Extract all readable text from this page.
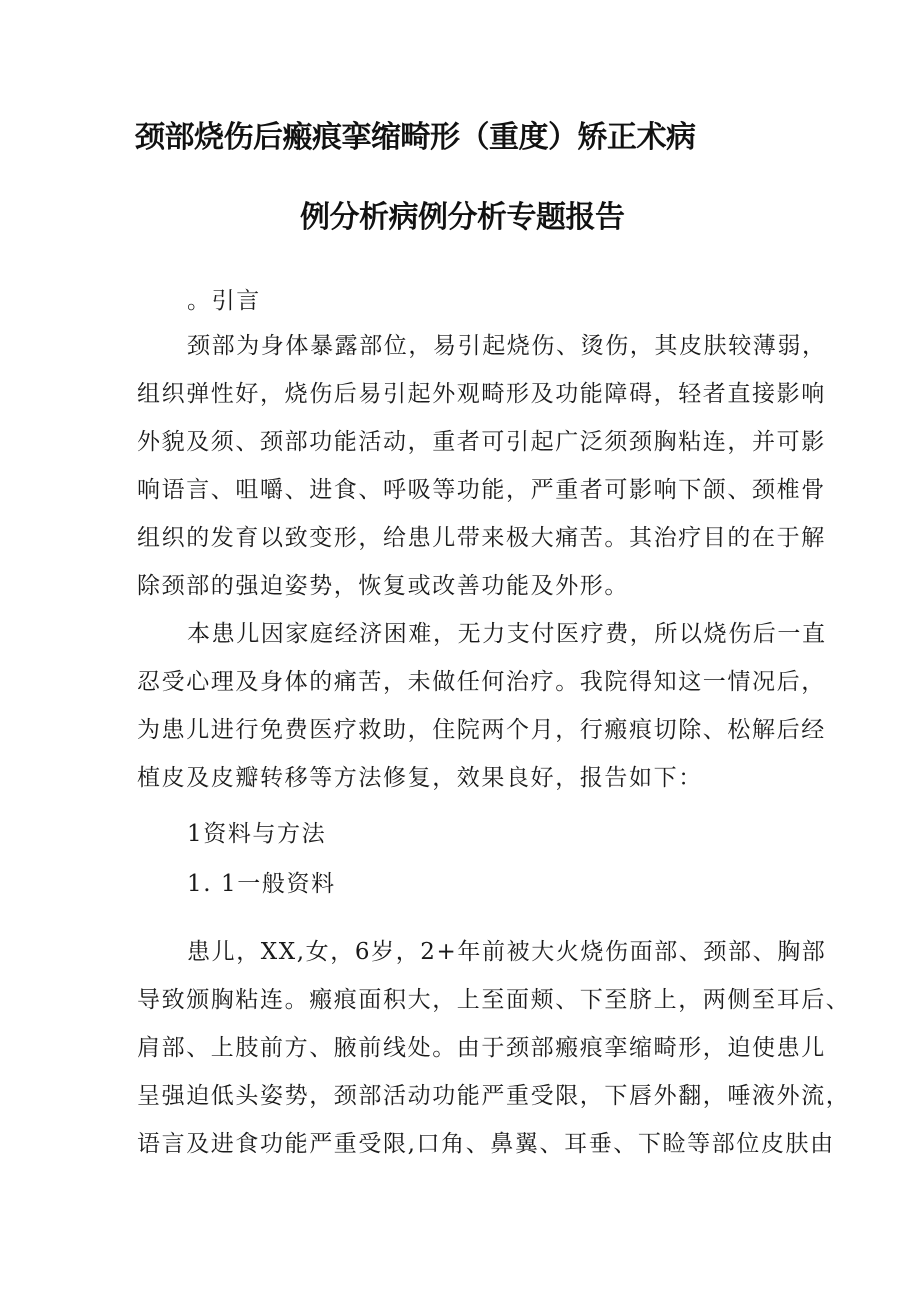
颈部烧伤后瘢痕挛缩畸形（重度）矫正术病
例分析病例分析专题报告
。引言
颈部为身体暴露部位，易引起烧伤、烫伤，其皮肤较薄弱，
组织弹性好，烧伤后易引起外观畸形及功能障碍，轻者直接影响
外貌及须、颈部功能活动，重者可引起广泛须颈胸粘连，并可影
响语言、咀嚼、进食、呼吸等功能，严重者可影响下颌、颈椎骨
组织的发育以致变形，给患儿带来极大痛苦。其治疗目的在于解
除颈部的强迫姿势，恢复或改善功能及外形。
本患儿因家庭经济困难，无力支付医疗费，所以烧伤后一直
忍受心理及身体的痛苦，未做任何治疗。我院得知这一情况后，
为患儿进行免费医疗救助，住院两个月，行瘢痕切除、松解后经
植皮及皮瓣转移等方法修复，效果良好，报告如下：
1资料与方法
1. 1一般资料
患儿，XX,女，6岁，2+年前被大火烧伤面部、颈部、胸部
导致颁胸粘连。瘢痕面积大，上至面颊、下至脐上，两侧至耳后、
肩部、上肢前方、腋前线处。由于颈部瘢痕挛缩畸形，迫使患儿
呈强迫低头姿势，颈部活动功能严重受限，下唇外翻，唾液外流，
语言及进食功能严重受限,口角、鼻翼、耳垂、下睑等部位皮肤由
